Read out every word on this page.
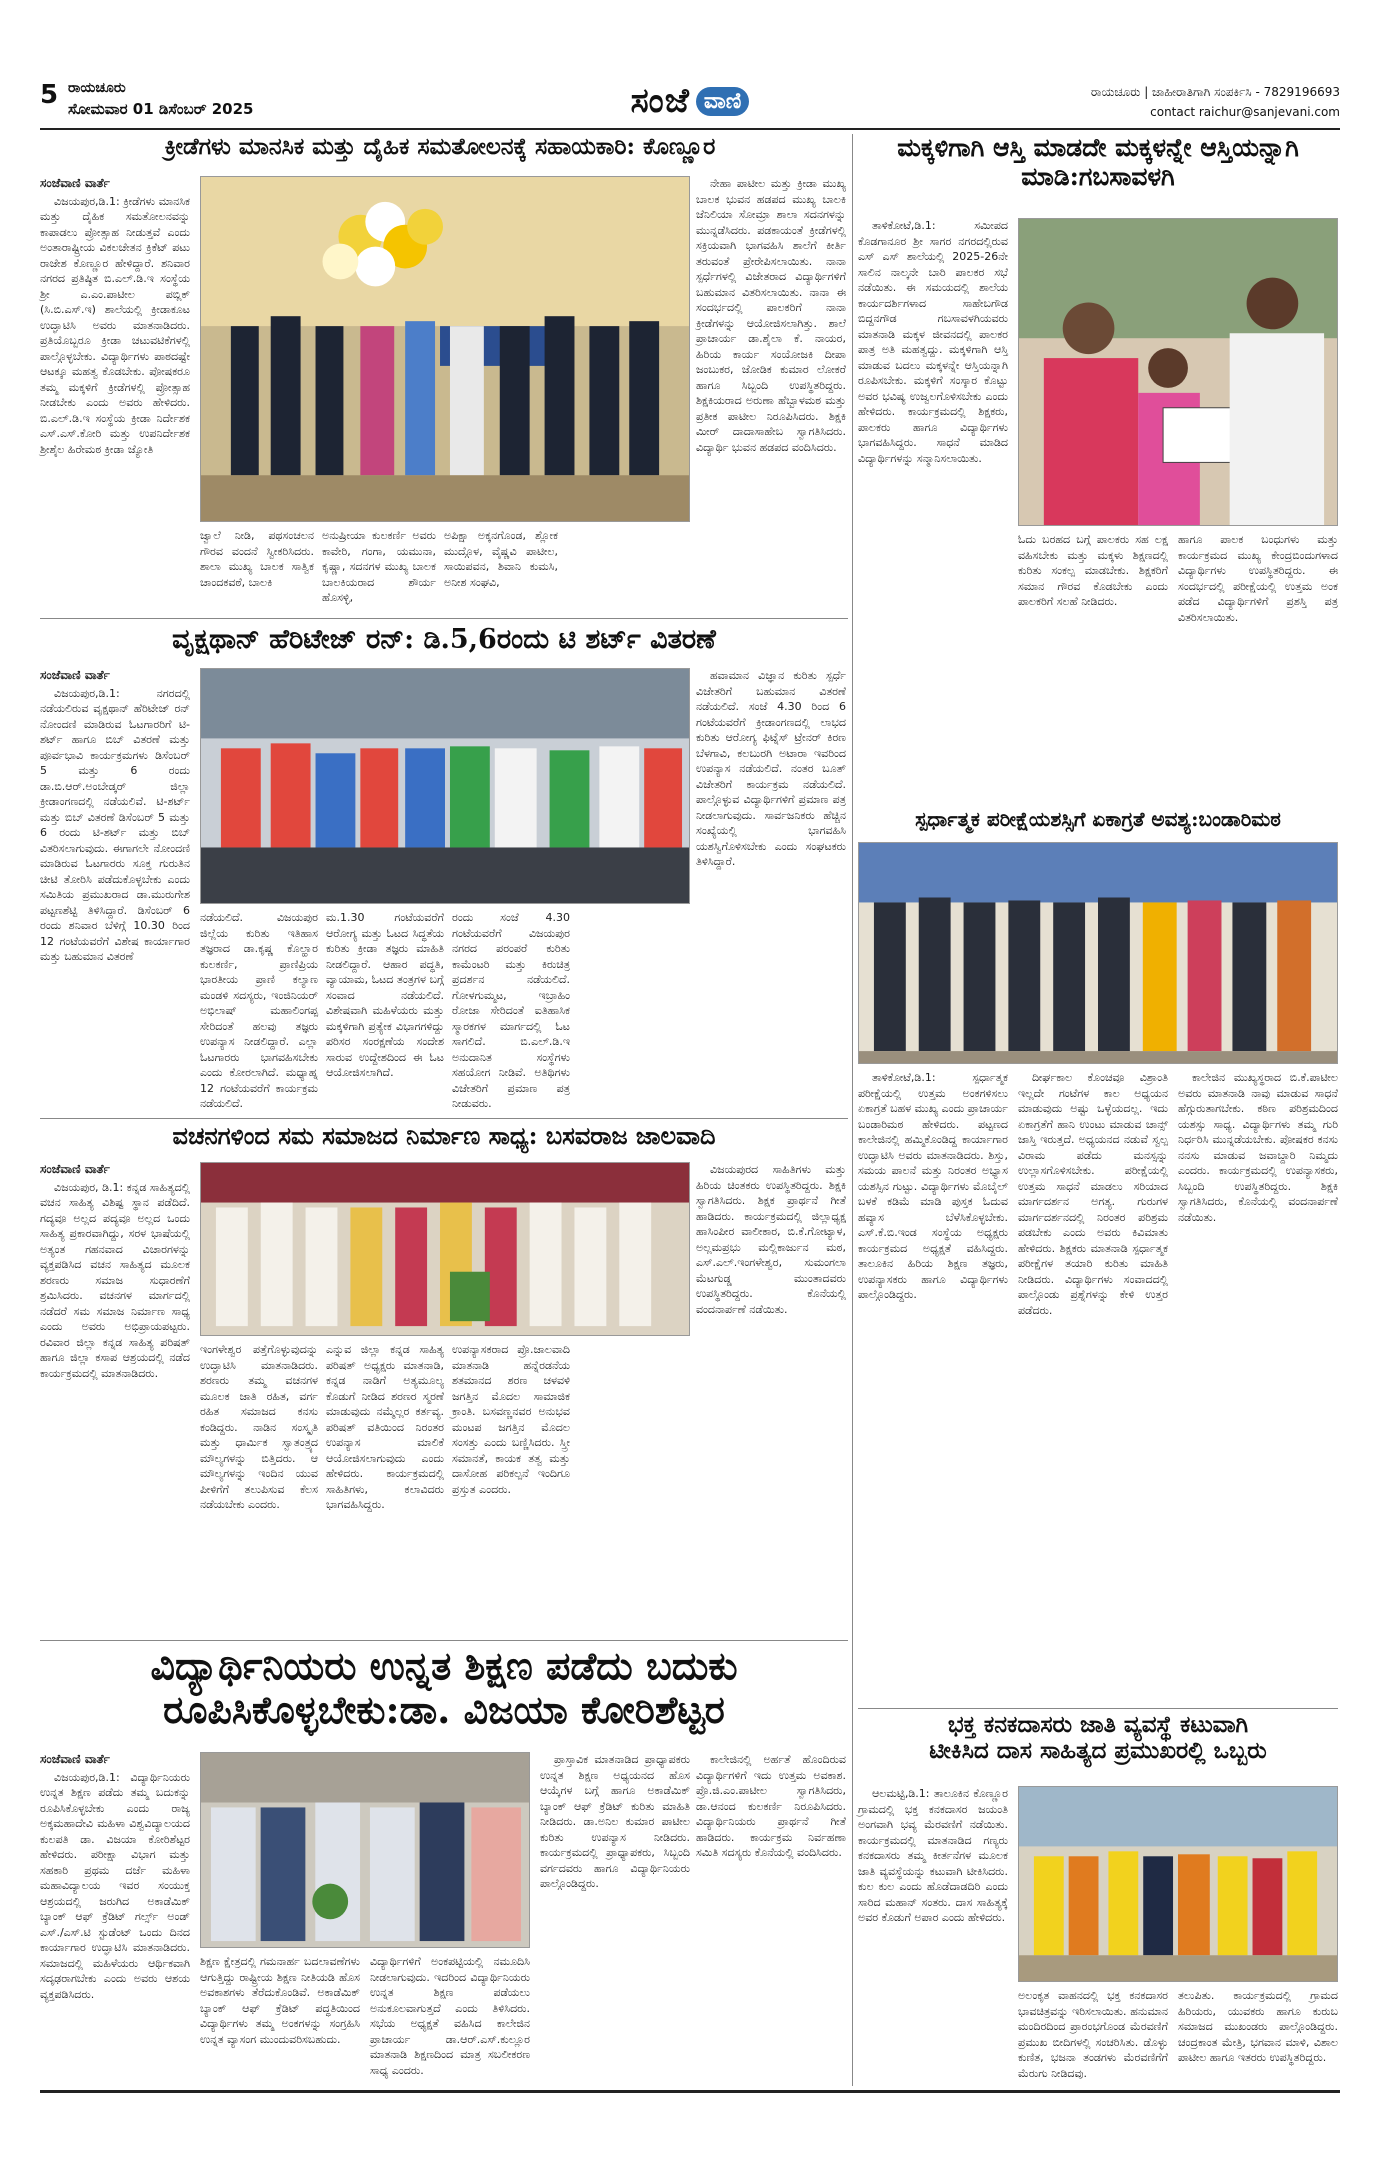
5 ರಾಯಚೂರು
ಸೋಮವಾರ 01 ಡಿಸೆಂಬರ್ 2025	ಸಂಜೆ ವಾಣಿ	ರಾಯಚೂರು | ಜಾಹೀರಾತಿಗಾಗಿ ಸಂಪರ್ಕಿಸಿ - 7829196693
contact raichur@sanjevani.com
ಕ್ರೀಡೆಗಳು ಮಾನಸಿಕ ಮತ್ತು ದೈಹಿಕ ಸಮತೋಲನಕ್ಕೆ ಸಹಾಯಕಾರಿ: ಕೊಣ್ಣೂರ
ಸಂಜೆವಾಣಿ ವಾರ್ತೆ

ವಿಜಯಪುರ,ಡಿ.1: ಕ್ರೀಡೆಗಳು ಮಾನಸಿಕ ಮತ್ತು ದೈಹಿಕ ಸಮತೋಲನವನ್ನು ಕಾಪಾಡಲು ಪ್ರೋತ್ಸಾಹ ನೀಡುತ್ತವೆ ಎಂದು ಅಂತಾರಾಷ್ಟ್ರೀಯ ವಿಕಲಚೇತನ ಕ್ರಿಕೆಟ್ ಪಟು ರಾಜೇಶ ಕೊಣ್ಣೂರ ಹೇಳಿದ್ದಾರೆ. ಶನಿವಾರ ನಗರದ ಪ್ರತಿಷ್ಠಿತ ಬಿ.ಎಲ್.ಡಿ.ಇ ಸಂಸ್ಥೆಯ ಶ್ರೀ ಎ.ಎಂ.ಪಾಟೀಲ ಪಬ್ಲಿಕ್ (ಸಿ.ಬಿ.ಎಸ್.ಇ) ಶಾಲೆಯಲ್ಲಿ ಕ್ರೀಡಾಕೂಟ ಉದ್ಘಾಟಿಸಿ ಅವರು ಮಾತನಾಡಿದರು. ಪ್ರತಿಯೊಬ್ಬರೂ ಕ್ರೀಡಾ ಚಟುವಟಿಕೆಗಳಲ್ಲಿ ಪಾಲ್ಗೊಳ್ಳಬೇಕು. ವಿದ್ಯಾರ್ಥಿಗಳು ಪಾಠದಷ್ಟೇ ಆಟಕ್ಕೂ ಮಹತ್ವ ಕೊಡಬೇಕು. ಪೋಷಕರೂ ತಮ್ಮ ಮಕ್ಕಳಿಗೆ ಕ್ರೀಡೆಗಳಲ್ಲಿ ಪ್ರೋತ್ಸಾಹ ನೀಡಬೇಕು ಎಂದು ಅವರು ಹೇಳಿದರು. ಬಿ.ಎಲ್.ಡಿ.ಇ ಸಂಸ್ಥೆಯ ಕ್ರೀಡಾ ನಿರ್ದೇಶಕ ಎಸ್.ಎಸ್.ಕೋರಿ ಮತ್ತು ಉಪನಿರ್ದೇಶಕ ಶ್ರೀಶೈಲ ಹಿರೇಮಠ ಕ್ರೀಡಾ ಜ್ಯೋತಿ

ಜ್ವಾಲೆ ನೀಡಿ, ಪಥಸಂಚಲನ ಗೌರವ ವಂದನೆ ಸ್ವೀಕರಿಸಿದರು. ಶಾಲಾ ಮುಖ್ಯ ಬಾಲಕ ಸಾತ್ವಿಕ ಚಾಂದಕವಠೆ, ಬಾಲಕಿ
ಅನುಷ್ರೀಯಾ ಕುಲಕರ್ಣಿ ಅವರು ಕಾವೇರಿ, ಗಂಗಾ, ಯಮುನಾ, ಕೃಷ್ಣಾ, ಸದನಗಳ ಮುಖ್ಯ ಬಾಲಕ ಬಾಲಕಿಯರಾದ ಶೌರ್ಯ ಹೊಸಳ್ಳಿ,
ಅಪಿಕ್ಷಾ ಅಕ್ಕನಗೊಂಡ, ಶ್ಲೋಕ ಮುದ್ಗೊಳ, ವೈಷ್ಣವಿ ಪಾಟೀಲ, ಸಾಯಿಪವನ, ಶಿವಾನಿ ಕುಮಸಿ, ಅನೀಶ ಸಂಘವಿ,

ನೇಹಾ ಪಾಟೀಲ ಮತ್ತು ಕ್ರೀಡಾ ಮುಖ್ಯ ಬಾಲಕ ಭುವನ ಹಡಪದ ಮುಖ್ಯ ಬಾಲಕಿ ಜೆನಿಲಿಯಾ ಸೋಮ್ರಾ ಶಾಲಾ ಸದನಗಳನ್ನು ಮುನ್ನಡೆಸಿದರು. ಪಡಕಾಯಂತೆ ಕ್ರೀಡೆಗಳಲ್ಲಿ ಸಕ್ರಿಯವಾಗಿ ಭಾಗವಹಿಸಿ ಶಾಲೆಗೆ ಕೀರ್ತಿ ತರುವಂತೆ ಪ್ರೇರೇಪಿಸಲಾಯಿತು. ನಾನಾ ಸ್ಪರ್ಧೆಗಳಲ್ಲಿ ವಿಜೇತರಾದ ವಿದ್ಯಾರ್ಥಿಗಳಿಗೆ ಬಹುಮಾನ ವಿತರಿಸಲಾಯಿತು. ನಾನಾ ಈ ಸಂದರ್ಭದಲ್ಲಿ ಪಾಲಕರಿಗೆ ನಾನಾ ಕ್ರೀಡೆಗಳನ್ನು ಆಯೋಜಿಸಲಾಗಿತ್ತು. ಶಾಲೆ ಪ್ರಾಚಾರ್ಯ ಡಾ.ಶೈಲಾ ಕೆ. ನಾಯರ, ಹಿರಿಯ ಕಾರ್ಯ ಸಂಯೋಜಕಿ ದೀಪಾ ಜಂಬುಕರ, ಜೋಡಿಕ ಕುಮಾರ ಲೋಕರೆ ಹಾಗೂ ಸಿಬ್ಬಂದಿ ಉಪಸ್ಥಿತರಿದ್ದರು. ಶಿಕ್ಷಕಿಯರಾದ ಅರುಣಾ ಹೆಬ್ಬಾಳಮಠ ಮತ್ತು ಪ್ರತೀಕ ಪಾಟೀಲ ನಿರೂಪಿಸಿದರು. ಶಿಕ್ಷಕಿ ಮೀರ್ ದಾದಾಸಾಹೇಬ ಸ್ವಾಗತಿಸಿದರು. ವಿದ್ಯಾರ್ಥಿ ಭುವನ ಹಡಪದ ವಂದಿಸಿದರು.

ಮಕ್ಕಳಿಗಾಗಿ ಆಸ್ತಿ ಮಾಡದೇ ಮಕ್ಕಳನ್ನೇ ಆಸ್ತಿಯನ್ನಾಗಿ ಮಾಡಿ:ಗಬಸಾವಳಗಿ

ತಾಳಿಕೋಟೆ,ಡಿ.1: ಸಮೀಪದ ಕೊಡಗಾನೂರ ಶ್ರೀ ಸಾಗರ ನಗರದಲ್ಲಿರುವ ಎಸ್ ಎಸ್ ಶಾಲೆಯಲ್ಲಿ 2025-26ನೇ ಸಾಲಿನ ನಾಲ್ಕನೇ ಬಾರಿ ಪಾಲಕರ ಸಭೆ ನಡೆಯಿತು. ಈ ಸಮಯದಲ್ಲಿ ಶಾಲೆಯ ಕಾರ್ಯದರ್ಶಿಗಳಾದ ಸಾಹೇಬಗೌಡ ಬಿದ್ದನಗೌಡ ಗಬಸಾವಳಗಿಯವರು ಮಾತನಾಡಿ ಮಕ್ಕಳ ಜೀವನದಲ್ಲಿ ಪಾಲಕರ ಪಾತ್ರ ಅತಿ ಮಹತ್ವದ್ದು. ಮಕ್ಕಳಿಗಾಗಿ ಆಸ್ತಿ ಮಾಡುವ ಬದಲು ಮಕ್ಕಳನ್ನೇ ಆಸ್ತಿಯನ್ನಾಗಿ ರೂಪಿಸಬೇಕು. ಮಕ್ಕಳಿಗೆ ಸಂಸ್ಕಾರ ಕೊಟ್ಟು ಅವರ ಭವಿಷ್ಯ ಉಜ್ವಲಗೊಳಿಸಬೇಕು ಎಂದು ಹೇಳಿದರು. ಕಾರ್ಯಕ್ರಮದಲ್ಲಿ ಶಿಕ್ಷಕರು, ಪಾಲಕರು ಹಾಗೂ ವಿದ್ಯಾರ್ಥಿಗಳು ಭಾಗವಹಿಸಿದ್ದರು. ಸಾಧನೆ ಮಾಡಿದ ವಿದ್ಯಾರ್ಥಿಗಳನ್ನು ಸನ್ಮಾನಿಸಲಾಯಿತು.

ಓದು ಬರಹದ ಬಗ್ಗೆ ಪಾಲಕರು ಸಹ ಲಕ್ಷ ವಹಿಸಬೇಕು ಮತ್ತು ಮಕ್ಕಳು ಶಿಕ್ಷಣದಲ್ಲಿ ಕುರಿತು ಸಂಕಲ್ಪ ಮಾಡಬೇಕು. ಶಿಕ್ಷಕರಿಗೆ ಸಮಾನ ಗೌರವ ಕೊಡಬೇಕು ಎಂದು ಪಾಲಕರಿಗೆ ಸಲಹೆ ನೀಡಿದರು.
ಹಾಗೂ ಪಾಲಕ ಬಂಧುಗಳು ಮತ್ತು ಕಾರ್ಯಕ್ರಮದ ಮುಖ್ಯ ಕೇಂದ್ರಬಿಂದುಗಳಾದ ವಿದ್ಯಾರ್ಥಿಗಳು ಉಪಸ್ಥಿತರಿದ್ದರು. ಈ ಸಂದರ್ಭದಲ್ಲಿ ಪರೀಕ್ಷೆಯಲ್ಲಿ ಉತ್ತಮ ಅಂಕ ಪಡೆದ ವಿದ್ಯಾರ್ಥಿಗಳಿಗೆ ಪ್ರಶಸ್ತಿ ಪತ್ರ ವಿತರಿಸಲಾಯಿತು.
ವೃಕ್ಷಥಾನ್ ಹೆರಿಟೇಜ್ ರನ್: ಡಿ.5,6ರಂದು ಟಿ ಶರ್ಟ್ ವಿತರಣೆ
ಸಂಜೆವಾಣಿ ವಾರ್ತೆ

ವಿಜಯಪುರ,ಡಿ.1: ನಗರದಲ್ಲಿ ನಡೆಯಲಿರುವ ವೃಕ್ಷಥಾನ್ ಹೆರಿಟೇಜ್ ರನ್ ನೋಂದಣಿ ಮಾಡಿರುವ ಓಟಗಾರರಿಗೆ ಟಿ-ಶರ್ಟ್ ಹಾಗೂ ಬಿಬ್ ವಿತರಣೆ ಮತ್ತು ಪೂರ್ವಭಾವಿ ಕಾರ್ಯಕ್ರಮಗಳು ಡಿಸೆಂಬರ್ 5 ಮತ್ತು 6 ರಂದು ಡಾ.ಬಿ.ಆರ್.ಅಂಬೇಡ್ಕರ್ ಜಿಲ್ಲಾ ಕ್ರೀಡಾಂಗಣದಲ್ಲಿ ನಡೆಯಲಿವೆ. ಟಿ-ಶರ್ಟ್ ಮತ್ತು ಬಿಬ್ ವಿತರಣೆ ಡಿಸೆಂಬರ್ 5 ಮತ್ತು 6 ರಂದು ಟಿ-ಶರ್ಟ್ ಮತ್ತು ಬಿಬ್ ವಿತರಿಸಲಾಗುವುದು. ಈಗಾಗಲೇ ನೋಂದಣಿ ಮಾಡಿರುವ ಓಟಗಾರರು ಸೂಕ್ತ ಗುರುತಿನ ಚೀಟಿ ತೋರಿಸಿ ಪಡೆದುಕೊಳ್ಳಬೇಕು ಎಂದು ಸಮಿತಿಯ ಪ್ರಮುಖರಾದ ಡಾ.ಮುರುಗೇಶ ಪಟ್ಟಣಶೆಟ್ಟಿ ತಿಳಿಸಿದ್ದಾರೆ. ಡಿಸೆಂಬರ್ 6 ರಂದು ಶನಿವಾರ ಬೆಳಿಗ್ಗೆ 10.30 ರಿಂದ 12 ಗಂಟೆಯವರೆಗೆ ವಿಶೇಷ ಕಾರ್ಯಾಗಾರ ಮತ್ತು ಬಹುಮಾನ ವಿತರಣೆ

ನಡೆಯಲಿದೆ. ವಿಜಯಪುರ ಜಿಲ್ಲೆಯ ಕುರಿತು ಇತಿಹಾಸ ತಜ್ಞರಾದ ಡಾ.ಕೃಷ್ಣ ಕೊಲ್ಹಾರ ಕುಲಕರ್ಣಿ, ಪ್ರಾಣಿಪ್ರಿಯ ಭಾರತೀಯ ಪ್ರಾಣಿ ಕಲ್ಯಾಣ ಮಂಡಳಿ ಸದಸ್ಯರು, ಇಂಜಿನಿಯರ್ ಅಭಿಲಾಷ್ ಮಹಾಲಿಂಗಪ್ಪ ಸೇರಿದಂತೆ ಹಲವು ತಜ್ಞರು ಉಪನ್ಯಾಸ ನೀಡಲಿದ್ದಾರೆ. ಎಲ್ಲಾ ಓಟಗಾರರು ಭಾಗವಹಿಸಬೇಕು ಎಂದು ಕೋರಲಾಗಿದೆ. ಮಧ್ಯಾಹ್ನ 12 ಗಂಟೆಯವರೆಗೆ ಕಾರ್ಯಕ್ರಮ ನಡೆಯಲಿದೆ.
ಮ.1.30 ಗಂಟೆಯವರೆಗೆ ಆರೋಗ್ಯ ಮತ್ತು ಓಟದ ಸಿದ್ಧತೆಯ ಕುರಿತು ಕ್ರೀಡಾ ತಜ್ಞರು ಮಾಹಿತಿ ನೀಡಲಿದ್ದಾರೆ. ಆಹಾರ ಪದ್ಧತಿ, ವ್ಯಾಯಾಮ, ಓಟದ ತಂತ್ರಗಳ ಬಗ್ಗೆ ಸಂವಾದ ನಡೆಯಲಿದೆ. ವಿಶೇಷವಾಗಿ ಮಹಿಳೆಯರು ಮತ್ತು ಮಕ್ಕಳಿಗಾಗಿ ಪ್ರತ್ಯೇಕ ವಿಭಾಗಗಳಿದ್ದು ಪರಿಸರ ಸಂರಕ್ಷಣೆಯ ಸಂದೇಶ ಸಾರುವ ಉದ್ದೇಶದಿಂದ ಈ ಓಟ ಆಯೋಜಿಸಲಾಗಿದೆ.
ರಂದು ಸಂಜೆ 4.30 ಗಂಟೆಯವರೆಗೆ ವಿಜಯಪುರ ನಗರದ ಪರಂಪರೆ ಕುರಿತು ಕಾಮೆಂಟರಿ ಮತ್ತು ಕಿರುಚಿತ್ರ ಪ್ರದರ್ಶನ ನಡೆಯಲಿದೆ. ಗೋಳಗುಮ್ಮಟ, ಇಬ್ರಾಹಿಂ ರೋಜಾ ಸೇರಿದಂತೆ ಐತಿಹಾಸಿಕ ಸ್ಮಾರಕಗಳ ಮಾರ್ಗದಲ್ಲಿ ಓಟ ಸಾಗಲಿದೆ. ಬಿ.ಎಲ್.ಡಿ.ಇ ಅನುದಾನಿತ ಸಂಸ್ಥೆಗಳು ಸಹಯೋಗ ನೀಡಿವೆ. ಅತಿಥಿಗಳು ವಿಜೇತರಿಗೆ ಪ್ರಮಾಣ ಪತ್ರ ನೀಡುವರು.

ಹವಾಮಾನ ವಿಜ್ಞಾನ ಕುರಿತು ಸ್ಪರ್ಧೆ ವಿಜೇತರಿಗೆ ಬಹುಮಾನ ವಿತರಣೆ ನಡೆಯಲಿದೆ. ಸಂಜೆ 4.30 ರಿಂದ 6 ಗಂಟೆಯವರೆಗೆ ಕ್ರೀಡಾಂಗಣದಲ್ಲಿ ಲಾಭದ ಕುರಿತು ಆರೋಗ್ಯ ಫಿಟ್ನೆಸ್ ಟ್ರೇನರ್ ಕಿರಣ ಬೆಳಗಾವಿ, ಕಲಬುರಗಿ ಅಟಾರಾ ಇವರಿಂದ ಉಪನ್ಯಾಸ ನಡೆಯಲಿದೆ. ನಂತರ ಬೂತ್ ವಿಜೇತರಿಗೆ ಕಾರ್ಯಕ್ರಮ ನಡೆಯಲಿದೆ. ಪಾಲ್ಗೊಳ್ಳುವ ವಿದ್ಯಾರ್ಥಿಗಳಿಗೆ ಪ್ರಮಾಣ ಪತ್ರ ನೀಡಲಾಗುವುದು. ಸಾರ್ವಜನಿಕರು ಹೆಚ್ಚಿನ ಸಂಖ್ಯೆಯಲ್ಲಿ ಭಾಗವಹಿಸಿ ಯಶಸ್ವಿಗೊಳಿಸಬೇಕು ಎಂದು ಸಂಘಟಕರು ತಿಳಿಸಿದ್ದಾರೆ.

ಸ್ಪರ್ಧಾತ್ಮಕ ಪರೀಕ್ಷೆಯಶಸ್ಸಿಗೆ ಏಕಾಗ್ರತೆ ಅವಶ್ಯ:ಬಂಡಾರಿಮಠ

ತಾಳಿಕೋಟೆ,ಡಿ.1: ಸ್ಪರ್ಧಾತ್ಮಕ ಪರೀಕ್ಷೆಯಲ್ಲಿ ಉತ್ತಮ ಅಂಕಗಳಿಸಲು ಏಕಾಗ್ರತೆ ಬಹಳ ಮುಖ್ಯ ಎಂದು ಪ್ರಾಚಾರ್ಯ ಬಂಡಾರಿಮಠ ಹೇಳಿದರು. ಪಟ್ಟಣದ ಕಾಲೇಜಿನಲ್ಲಿ ಹಮ್ಮಿಕೊಂಡಿದ್ದ ಕಾರ್ಯಾಗಾರ ಉದ್ಘಾಟಿಸಿ ಅವರು ಮಾತನಾಡಿದರು. ಶಿಸ್ತು, ಸಮಯ ಪಾಲನೆ ಮತ್ತು ನಿರಂತರ ಅಭ್ಯಾಸ ಯಶಸ್ಸಿನ ಗುಟ್ಟು. ವಿದ್ಯಾರ್ಥಿಗಳು ಮೊಬೈಲ್ ಬಳಕೆ ಕಡಿಮೆ ಮಾಡಿ ಪುಸ್ತಕ ಓದುವ ಹವ್ಯಾಸ ಬೆಳೆಸಿಕೊಳ್ಳಬೇಕು. ಎಸ್.ಕೆ.ಬಿ.ಇಂಡ ಸಂಸ್ಥೆಯ ಅಧ್ಯಕ್ಷರು ಕಾರ್ಯಕ್ರಮದ ಅಧ್ಯಕ್ಷತೆ ವಹಿಸಿದ್ದರು. ತಾಲೂಕಿನ ಹಿರಿಯ ಶಿಕ್ಷಣ ತಜ್ಞರು, ಉಪನ್ಯಾಸಕರು ಹಾಗೂ ವಿದ್ಯಾರ್ಥಿಗಳು ಪಾಲ್ಗೊಂಡಿದ್ದರು.

ದೀರ್ಘಕಾಲ ಕೊಂಚವೂ ವಿಶ್ರಾಂತಿ ಇಲ್ಲದೇ ಗಂಟೆಗಳ ಕಾಲ ಅಧ್ಯಯನ ಮಾಡುವುದು ಅಷ್ಟು ಒಳ್ಳೆಯದಲ್ಲ. ಇದು ಏಕಾಗ್ರತೆಗೆ ಹಾನಿ ಉಂಟು ಮಾಡುವ ಚಾನ್ಸ್ ಜಾಸ್ತಿ ಇರುತ್ತದೆ. ಅಧ್ಯಯನದ ನಡುವೆ ಸ್ವಲ್ಪ ವಿರಾಮ ಪಡೆದು ಮನಸ್ಸನ್ನು ಉಲ್ಲಾಸಗೊಳಿಸಬೇಕು. ಪರೀಕ್ಷೆಯಲ್ಲಿ ಉತ್ತಮ ಸಾಧನೆ ಮಾಡಲು ಸರಿಯಾದ ಮಾರ್ಗದರ್ಶನ ಅಗತ್ಯ. ಗುರುಗಳ ಮಾರ್ಗದರ್ಶನದಲ್ಲಿ ನಿರಂತರ ಪರಿಶ್ರಮ ಪಡಬೇಕು ಎಂದು ಅವರು ಕಿವಿಮಾತು ಹೇಳಿದರು. ಶಿಕ್ಷಕರು ಮಾತನಾಡಿ ಸ್ಪರ್ಧಾತ್ಮಕ ಪರೀಕ್ಷೆಗಳ ತಯಾರಿ ಕುರಿತು ಮಾಹಿತಿ ನೀಡಿದರು. ವಿದ್ಯಾರ್ಥಿಗಳು ಸಂವಾದದಲ್ಲಿ ಪಾಲ್ಗೊಂಡು ಪ್ರಶ್ನೆಗಳನ್ನು ಕೇಳಿ ಉತ್ತರ ಪಡೆದರು.

ಕಾಲೇಜಿನ ಮುಖ್ಯಸ್ಥರಾದ ಬಿ.ಕೆ.ಪಾಟೀಲ ಅವರು ಮಾತನಾಡಿ ನಾವು ಮಾಡುವ ಸಾಧನೆ ಹೆಗ್ಗುರುತಾಗಬೇಕು. ಕಠಿಣ ಪರಿಶ್ರಮದಿಂದ ಯಶಸ್ಸು ಸಾಧ್ಯ. ವಿದ್ಯಾರ್ಥಿಗಳು ತಮ್ಮ ಗುರಿ ನಿರ್ಧರಿಸಿ ಮುನ್ನಡೆಯಬೇಕು. ಪೋಷಕರ ಕನಸು ನನಸು ಮಾಡುವ ಜವಾಬ್ದಾರಿ ನಿಮ್ಮದು ಎಂದರು. ಕಾರ್ಯಕ್ರಮದಲ್ಲಿ ಉಪನ್ಯಾಸಕರು, ಸಿಬ್ಬಂದಿ ಉಪಸ್ಥಿತರಿದ್ದರು. ಶಿಕ್ಷಕಿ ಸ್ವಾಗತಿಸಿದರು, ಕೊನೆಯಲ್ಲಿ ವಂದನಾರ್ಪಣೆ ನಡೆಯಿತು.

ವಚನಗಳಿಂದ ಸಮ ಸಮಾಜದ ನಿರ್ಮಾಣ ಸಾಧ್ಯ: ಬಸವರಾಜ ಜಾಲವಾದಿ
ಸಂಜೆವಾಣಿ ವಾರ್ತೆ

ವಿಜಯಪುರ, ಡಿ.1: ಕನ್ನಡ ಸಾಹಿತ್ಯದಲ್ಲಿ ವಚನ ಸಾಹಿತ್ಯ ವಿಶಿಷ್ಟ ಸ್ಥಾನ ಪಡೆದಿದೆ. ಗದ್ಯವೂ ಅಲ್ಲದ ಪದ್ಯವೂ ಅಲ್ಲದ ಒಂದು ಸಾಹಿತ್ಯ ಪ್ರಕಾರವಾಗಿದ್ದು, ಸರಳ ಭಾಷೆಯಲ್ಲಿ ಅತ್ಯಂತ ಗಹನವಾದ ವಿಚಾರಗಳನ್ನು ವ್ಯಕ್ತಪಡಿಸಿದ ವಚನ ಸಾಹಿತ್ಯದ ಮೂಲಕ ಶರಣರು ಸಮಾಜ ಸುಧಾರಣೆಗೆ ಶ್ರಮಿಸಿದರು. ವಚನಗಳ ಮಾರ್ಗದಲ್ಲಿ ನಡೆದರೆ ಸಮ ಸಮಾಜ ನಿರ್ಮಾಣ ಸಾಧ್ಯ ಎಂದು ಅವರು ಅಭಿಪ್ರಾಯಪಟ್ಟರು. ರವಿವಾರ ಜಿಲ್ಲಾ ಕನ್ನಡ ಸಾಹಿತ್ಯ ಪರಿಷತ್ ಹಾಗೂ ಜಿಲ್ಲಾ ಕಸಾಪ ಆಶ್ರಯದಲ್ಲಿ ನಡೆದ ಕಾರ್ಯಕ್ರಮದಲ್ಲಿ ಮಾತನಾಡಿದರು.

ಇಂಗಳೇಶ್ವರ ಪತ್ತೆಗೊಳ್ಳುವುದನ್ನು ಉದ್ಘಾಟಿಸಿ ಮಾತನಾಡಿದರು. ಶರಣರು ತಮ್ಮ ವಚನಗಳ ಮೂಲಕ ಜಾತಿ ರಹಿತ, ವರ್ಗ ರಹಿತ ಸಮಾಜದ ಕನಸು ಕಂಡಿದ್ದರು. ನಾಡಿನ ಸಂಸ್ಕೃತಿ ಮತ್ತು ಧಾರ್ಮಿಕ ಸ್ವಾತಂತ್ರ್ಯದ ಮೌಲ್ಯಗಳನ್ನು ಬಿತ್ತಿದರು. ಆ ಮೌಲ್ಯಗಳನ್ನು ಇಂದಿನ ಯುವ ಪೀಳಿಗೆಗೆ ತಲುಪಿಸುವ ಕೆಲಸ ನಡೆಯಬೇಕು ಎಂದರು.
ಎನ್ನುವ ಜಿಲ್ಲಾ ಕನ್ನಡ ಸಾಹಿತ್ಯ ಪರಿಷತ್ ಅಧ್ಯಕ್ಷರು ಮಾತನಾಡಿ, ಕನ್ನಡ ನಾಡಿಗೆ ಅತ್ಯಮೂಲ್ಯ ಕೊಡುಗೆ ನೀಡಿದ ಶರಣರ ಸ್ಮರಣೆ ಮಾಡುವುದು ನಮ್ಮೆಲ್ಲರ ಕರ್ತವ್ಯ. ಪರಿಷತ್ ವತಿಯಿಂದ ನಿರಂತರ ಉಪನ್ಯಾಸ ಮಾಲಿಕೆ ಆಯೋಜಿಸಲಾಗುವುದು ಎಂದು ಹೇಳಿದರು. ಕಾರ್ಯಕ್ರಮದಲ್ಲಿ ಸಾಹಿತಿಗಳು, ಕಲಾವಿದರು ಭಾಗವಹಿಸಿದ್ದರು.
ಉಪನ್ಯಾಸಕರಾದ ಪ್ರೊ.ಜಾಲವಾದಿ ಮಾತನಾಡಿ ಹನ್ನೆರಡನೆಯ ಶತಮಾನದ ಶರಣ ಚಳವಳಿ ಜಗತ್ತಿನ ಮೊದಲ ಸಾಮಾಜಿಕ ಕ್ರಾಂತಿ. ಬಸವಣ್ಣನವರ ಅನುಭವ ಮಂಟಪ ಜಗತ್ತಿನ ಮೊದಲ ಸಂಸತ್ತು ಎಂದು ಬಣ್ಣಿಸಿದರು. ಸ್ತ್ರೀ ಸಮಾನತೆ, ಕಾಯಕ ತತ್ವ ಮತ್ತು ದಾಸೋಹ ಪರಿಕಲ್ಪನೆ ಇಂದಿಗೂ ಪ್ರಸ್ತುತ ಎಂದರು.

ವಿಜಯಪುರದ ಸಾಹಿತಿಗಳು ಮತ್ತು ಹಿರಿಯ ಚಿಂತಕರು ಉಪಸ್ಥಿತರಿದ್ದರು. ಶಿಕ್ಷಕಿ ಸ್ವಾಗತಿಸಿದರು. ಶಿಕ್ಷಕ ಪ್ರಾರ್ಥನೆ ಗೀತೆ ಹಾಡಿದರು. ಕಾರ್ಯಕ್ರಮದಲ್ಲಿ ಜಿಲ್ಲಾಧ್ಯಕ್ಷ ಹಾಸಿಂಪೀರ ವಾಲೀಕಾರ, ಬಿ.ಕೆ.ಗೋಟ್ಯಾಳ, ಅಲ್ಲಮಪ್ರಭು ಮಲ್ಲಿಕಾರ್ಜುನ ಮಠ, ಎಸ್.ಎಲ್.ಇಂಗಳೇಶ್ವರ, ಸುಮಂಗಲಾ ಮೆಟಗುಡ್ಡ ಮುಂತಾದವರು ಉಪಸ್ಥಿತರಿದ್ದರು. ಕೊನೆಯಲ್ಲಿ ವಂದನಾರ್ಪಣೆ ನಡೆಯಿತು.

ವಿದ್ಯಾರ್ಥಿನಿಯರು ಉನ್ನತ ಶಿಕ್ಷಣ ಪಡೆದು ಬದುಕು
ರೂಪಿಸಿಕೊಳ್ಳಬೇಕು:ಡಾ. ವಿಜಯಾ ಕೋರಿಶೆಟ್ಟರ
ಸಂಜೆವಾಣಿ ವಾರ್ತೆ

ವಿಜಯಪುರ,ಡಿ.1: ವಿದ್ಯಾರ್ಥಿನಿಯರು ಉನ್ನತ ಶಿಕ್ಷಣ ಪಡೆದು ತಮ್ಮ ಬದುಕನ್ನು ರೂಪಿಸಿಕೊಳ್ಳಬೇಕು ಎಂದು ರಾಜ್ಯ ಅಕ್ಕಮಹಾದೇವಿ ಮಹಿಳಾ ವಿಶ್ವವಿದ್ಯಾಲಯದ ಕುಲಪತಿ ಡಾ. ವಿಜಯಾ ಕೋರಿಶೆಟ್ಟರ ಹೇಳಿದರು. ಪರೀಕ್ಷಾ ವಿಭಾಗ ಮತ್ತು ಸಹಕಾರಿ ಪ್ರಥಮ ದರ್ಜೆ ಮಹಿಳಾ ಮಹಾವಿದ್ಯಾಲಯ ಇವರ ಸಂಯುಕ್ತ ಆಶ್ರಯದಲ್ಲಿ ಜರುಗಿದ ಅಕಾಡೆಮಿಕ್ ಬ್ಯಾಂಕ್ ಆಫ್ ಕ್ರೆಡಿಟ್ ಗರ್ಲ್ಸ್ ಅಂಡ್ ಎಸ್./ಎಸ್.ಟಿ ಸ್ಟುಡೆಂಟ್ ಒಂದು ದಿನದ ಕಾರ್ಯಾಗಾರ ಉದ್ಘಾಟಿಸಿ ಮಾತನಾಡಿದರು. ಸಮಾಜದಲ್ಲಿ ಮಹಿಳೆಯರು ಆರ್ಥಿಕವಾಗಿ ಸದೃಢರಾಗಬೇಕು ಎಂದು ಅವರು ಆಶಯ ವ್ಯಕ್ತಪಡಿಸಿದರು.

ಶಿಕ್ಷಣ ಕ್ಷೇತ್ರದಲ್ಲಿ ಗಮನಾರ್ಹ ಬದಲಾವಣೆಗಳು ಆಗುತ್ತಿದ್ದು ರಾಷ್ಟ್ರೀಯ ಶಿಕ್ಷಣ ನೀತಿಯಡಿ ಹೊಸ ಅವಕಾಶಗಳು ತೆರೆದುಕೊಂಡಿವೆ. ಅಕಾಡೆಮಿಕ್ ಬ್ಯಾಂಕ್ ಆಫ್ ಕ್ರೆಡಿಟ್ ಪದ್ಧತಿಯಿಂದ ವಿದ್ಯಾರ್ಥಿಗಳು ತಮ್ಮ ಅಂಕಗಳನ್ನು ಸಂಗ್ರಹಿಸಿ ಉನ್ನತ ವ್ಯಾಸಂಗ ಮುಂದುವರಿಸಬಹುದು.
ವಿದ್ಯಾರ್ಥಿಗಳಿಗೆ ಅಂಕಪಟ್ಟಿಯಲ್ಲಿ ನಮೂದಿಸಿ ನೀಡಲಾಗುವುದು. ಇದರಿಂದ ವಿದ್ಯಾರ್ಥಿನಿಯರು ಉನ್ನತ ಶಿಕ್ಷಣ ಪಡೆಯಲು ಅನುಕೂಲವಾಗುತ್ತದೆ ಎಂದು ತಿಳಿಸಿದರು. ಸಭೆಯ ಅಧ್ಯಕ್ಷತೆ ವಹಿಸಿದ ಕಾಲೇಜಿನ ಪ್ರಾಚಾರ್ಯ ಡಾ.ಆರ್.ಎಸ್.ಕುಲ್ಲೂರ ಮಾತನಾಡಿ ಶಿಕ್ಷಣದಿಂದ ಮಾತ್ರ ಸಬಲೀಕರಣ ಸಾಧ್ಯ ಎಂದರು.

ಪ್ರಾಸ್ತಾವಿಕ ಮಾತನಾಡಿದ ಪ್ರಾಧ್ಯಾಪಕರು ಉನ್ನತ ಶಿಕ್ಷಣ ಅಧ್ಯಯನದ ಹೊಸ ಆಯ್ಕೆಗಳ ಬಗ್ಗೆ ಹಾಗೂ ಅಕಾಡೆಮಿಕ್ ಬ್ಯಾಂಕ್ ಆಫ್ ಕ್ರೆಡಿಟ್ ಕುರಿತು ಮಾಹಿತಿ ನೀಡಿದರು. ಡಾ.ಅನಿಲ ಕುಮಾರ ಪಾಟೀಲ ಕುರಿತು ಉಪನ್ಯಾಸ ನೀಡಿದರು. ಕಾರ್ಯಕ್ರಮದಲ್ಲಿ ಪ್ರಾಧ್ಯಾಪಕರು, ಸಿಬ್ಬಂದಿ ವರ್ಗದವರು ಹಾಗೂ ವಿದ್ಯಾರ್ಥಿನಿಯರು ಪಾಲ್ಗೊಂಡಿದ್ದರು.

ಕಾಲೇಜಿನಲ್ಲಿ ಅರ್ಹತೆ ಹೊಂದಿರುವ ವಿದ್ಯಾರ್ಥಿಗಳಿಗೆ ಇದು ಉತ್ತಮ ಅವಕಾಶ. ಪ್ರೊ.ಜಿ.ಎಂ.ಪಾಟೀಲ ಸ್ವಾಗತಿಸಿದರು, ಡಾ.ಆನಂದ ಕುಲಕರ್ಣಿ ನಿರೂಪಿಸಿದರು. ವಿದ್ಯಾರ್ಥಿನಿಯರು ಪ್ರಾರ್ಥನೆ ಗೀತೆ ಹಾಡಿದರು. ಕಾರ್ಯಕ್ರಮ ನಿರ್ವಹಣಾ ಸಮಿತಿ ಸದಸ್ಯರು ಕೊನೆಯಲ್ಲಿ ವಂದಿಸಿದರು.

ಭಕ್ತ ಕನಕದಾಸರು ಜಾತಿ ವ್ಯವಸ್ಥೆ ಕಟುವಾಗಿ
ಟೀಕಿಸಿದ ದಾಸ ಸಾಹಿತ್ಯದ ಪ್ರಮುಖರಲ್ಲಿ ಒಬ್ಬರು

ಆಲಮಟ್ಟಿ,ಡಿ.1: ತಾಲೂಕಿನ ಕೊಣ್ಣೂರ ಗ್ರಾಮದಲ್ಲಿ ಭಕ್ತ ಕನಕದಾಸರ ಜಯಂತಿ ಅಂಗವಾಗಿ ಭವ್ಯ ಮೆರವಣಿಗೆ ನಡೆಯಿತು. ಕಾರ್ಯಕ್ರಮದಲ್ಲಿ ಮಾತನಾಡಿದ ಗಣ್ಯರು ಕನಕದಾಸರು ತಮ್ಮ ಕೀರ್ತನೆಗಳ ಮೂಲಕ ಜಾತಿ ವ್ಯವಸ್ಥೆಯನ್ನು ಕಟುವಾಗಿ ಟೀಕಿಸಿದರು. ಕುಲ ಕುಲ ಎಂದು ಹೊಡೆದಾಡದಿರಿ ಎಂದು ಸಾರಿದ ಮಹಾನ್ ಸಂತರು. ದಾಸ ಸಾಹಿತ್ಯಕ್ಕೆ ಅವರ ಕೊಡುಗೆ ಅಪಾರ ಎಂದು ಹೇಳಿದರು.

ಅಲಂಕೃತ ವಾಹನದಲ್ಲಿ ಭಕ್ತ ಕನಕದಾಸರ ಭಾವಚಿತ್ರವನ್ನು ಇರಿಸಲಾಯಿತು. ಹನುಮಾನ ಮಂದಿರದಿಂದ ಪ್ರಾರಂಭಗೊಂಡ ಮೆರವಣಿಗೆ ಪ್ರಮುಖ ಬೀದಿಗಳಲ್ಲಿ ಸಂಚರಿಸಿತು. ಡೊಳ್ಳು ಕುಣಿತ, ಭಜನಾ ತಂಡಗಳು ಮೆರವಣಿಗೆಗೆ ಮೆರುಗು ನೀಡಿದವು.
ತಲುಪಿತು. ಕಾರ್ಯಕ್ರಮದಲ್ಲಿ ಗ್ರಾಮದ ಹಿರಿಯರು, ಯುವಕರು ಹಾಗೂ ಕುರುಬ ಸಮಾಜದ ಮುಖಂಡರು ಪಾಲ್ಗೊಂಡಿದ್ದರು. ಚಂದ್ರಕಾಂತ ಮೇತ್ರಿ, ಭಗವಾನ ಮಾಳಿ, ವಿಶಾಲ ಪಾಟೀಲ ಹಾಗೂ ಇತರರು ಉಪಸ್ಥಿತರಿದ್ದರು.
